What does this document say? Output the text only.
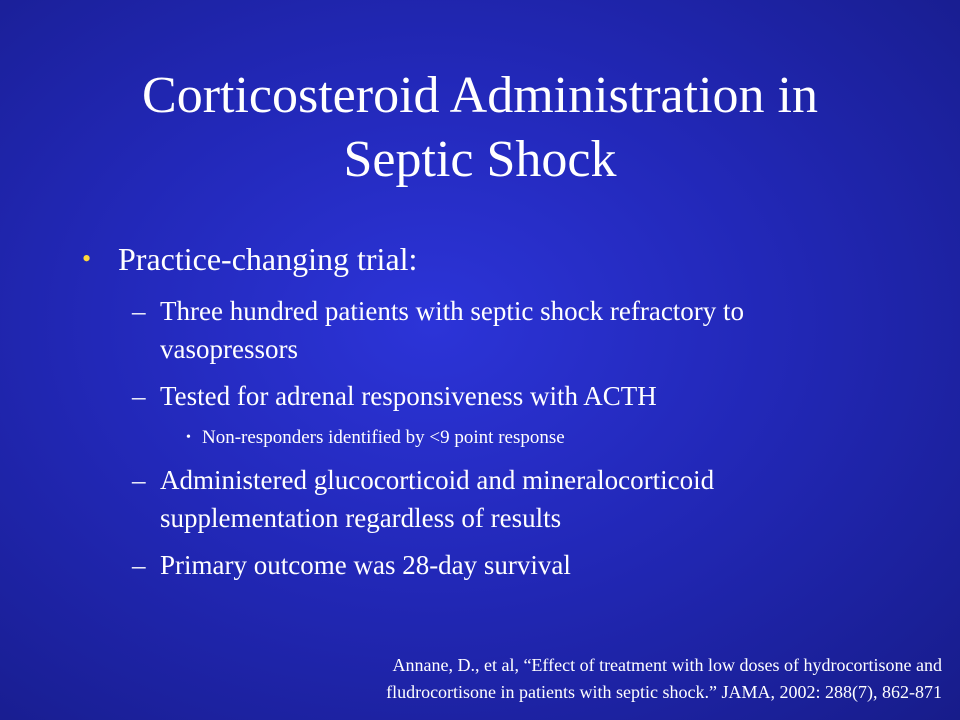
Corticosteroid Administration in
Septic Shock
• Practice-changing trial:
– Three hundred patients with septic shock refractory to vasopressors
– Tested for adrenal responsiveness with ACTH
• Non-responders identified by <9 point response
– Administered glucocorticoid and mineralocorticoid supplementation regardless of results
– Primary outcome was 28-day survival
Annane, D., et al, “Effect of treatment with low doses of hydrocortisone and
fludrocortisone in patients with septic shock.” JAMA, 2002: 288(7), 862-871
